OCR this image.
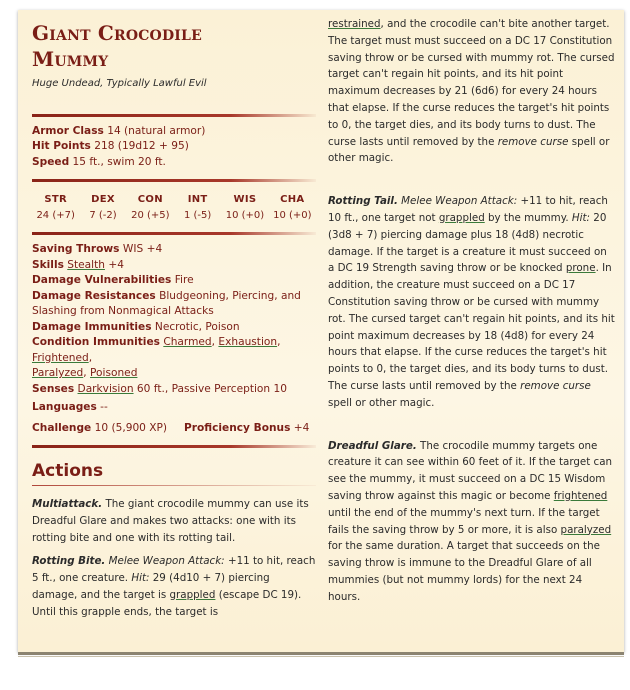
Giant Crocodile
Mummy
Huge Undead, Typically Lawful Evil
Armor Class 14 (natural armor)
Hit Points 218 (19d12 + 95)
Speed 15 ft., swim 20 ft.
STR
24 (+7)
DEX
7 (-2)
CON
20 (+5)
INT
1 (-5)
WIS
10 (+0)
CHA
10 (+0)
Saving Throws WIS +4
Skills Stealth +4
Damage Vulnerabilities Fire
Damage Resistances Bludgeoning, Piercing, and
Slashing from Nonmagical Attacks
Damage Immunities Necrotic, Poison
Condition Immunities Charmed, Exhaustion, Frightened,
Paralyzed, Poisoned
Senses Darkvision 60 ft., Passive Perception 10
Languages --
Challenge 10 (5,900 XP)	Proficiency Bonus +4
Actions
Multiattack. The giant crocodile mummy can use its Dreadful Glare and makes two attacks: one with its rotting bite and one with its rotting tail.
Rotting Bite. Melee Weapon Attack: +11 to hit, reach 5 ft., one creature. Hit: 29 (4d10 + 7) piercing damage, and the target is grappled (escape DC 19). Until this grapple ends, the target is

restrained, and the crocodile can't bite another target. The target must must succeed on a DC 17 Constitution saving throw or be cursed with mummy rot. The cursed target can't regain hit points, and its hit point maximum decreases by 21 (6d6) for every 24 hours that elapse. If the curse reduces the target's hit points to 0, the target dies, and its body turns to dust. The curse lasts until removed by the remove curse spell or other magic.

Rotting Tail. Melee Weapon Attack: +11 to hit, reach 10 ft., one target not grappled by the mummy. Hit: 20 (3d8 + 7) piercing damage plus 18 (4d8) necrotic damage. If the target is a creature it must succeed on a DC 19 Strength saving throw or be knocked prone. In addition, the creature must succeed on a DC 17 Constitution saving throw or be cursed with mummy rot. The cursed target can't regain hit points, and its hit point maximum decreases by 18 (4d8) for every 24 hours that elapse. If the curse reduces the target's hit points to 0, the target dies, and its body turns to dust. The curse lasts until removed by the remove curse spell or other magic.

Dreadful Glare. The crocodile mummy targets one creature it can see within 60 feet of it. If the target can see the mummy, it must succeed on a DC 15 Wisdom saving throw against this magic or become frightened until the end of the mummy's next turn. If the target fails the saving throw by 5 or more, it is also paralyzed for the same duration. A target that succeeds on the saving throw is immune to the Dreadful Glare of all mummies (but not mummy lords) for the next 24 hours.
